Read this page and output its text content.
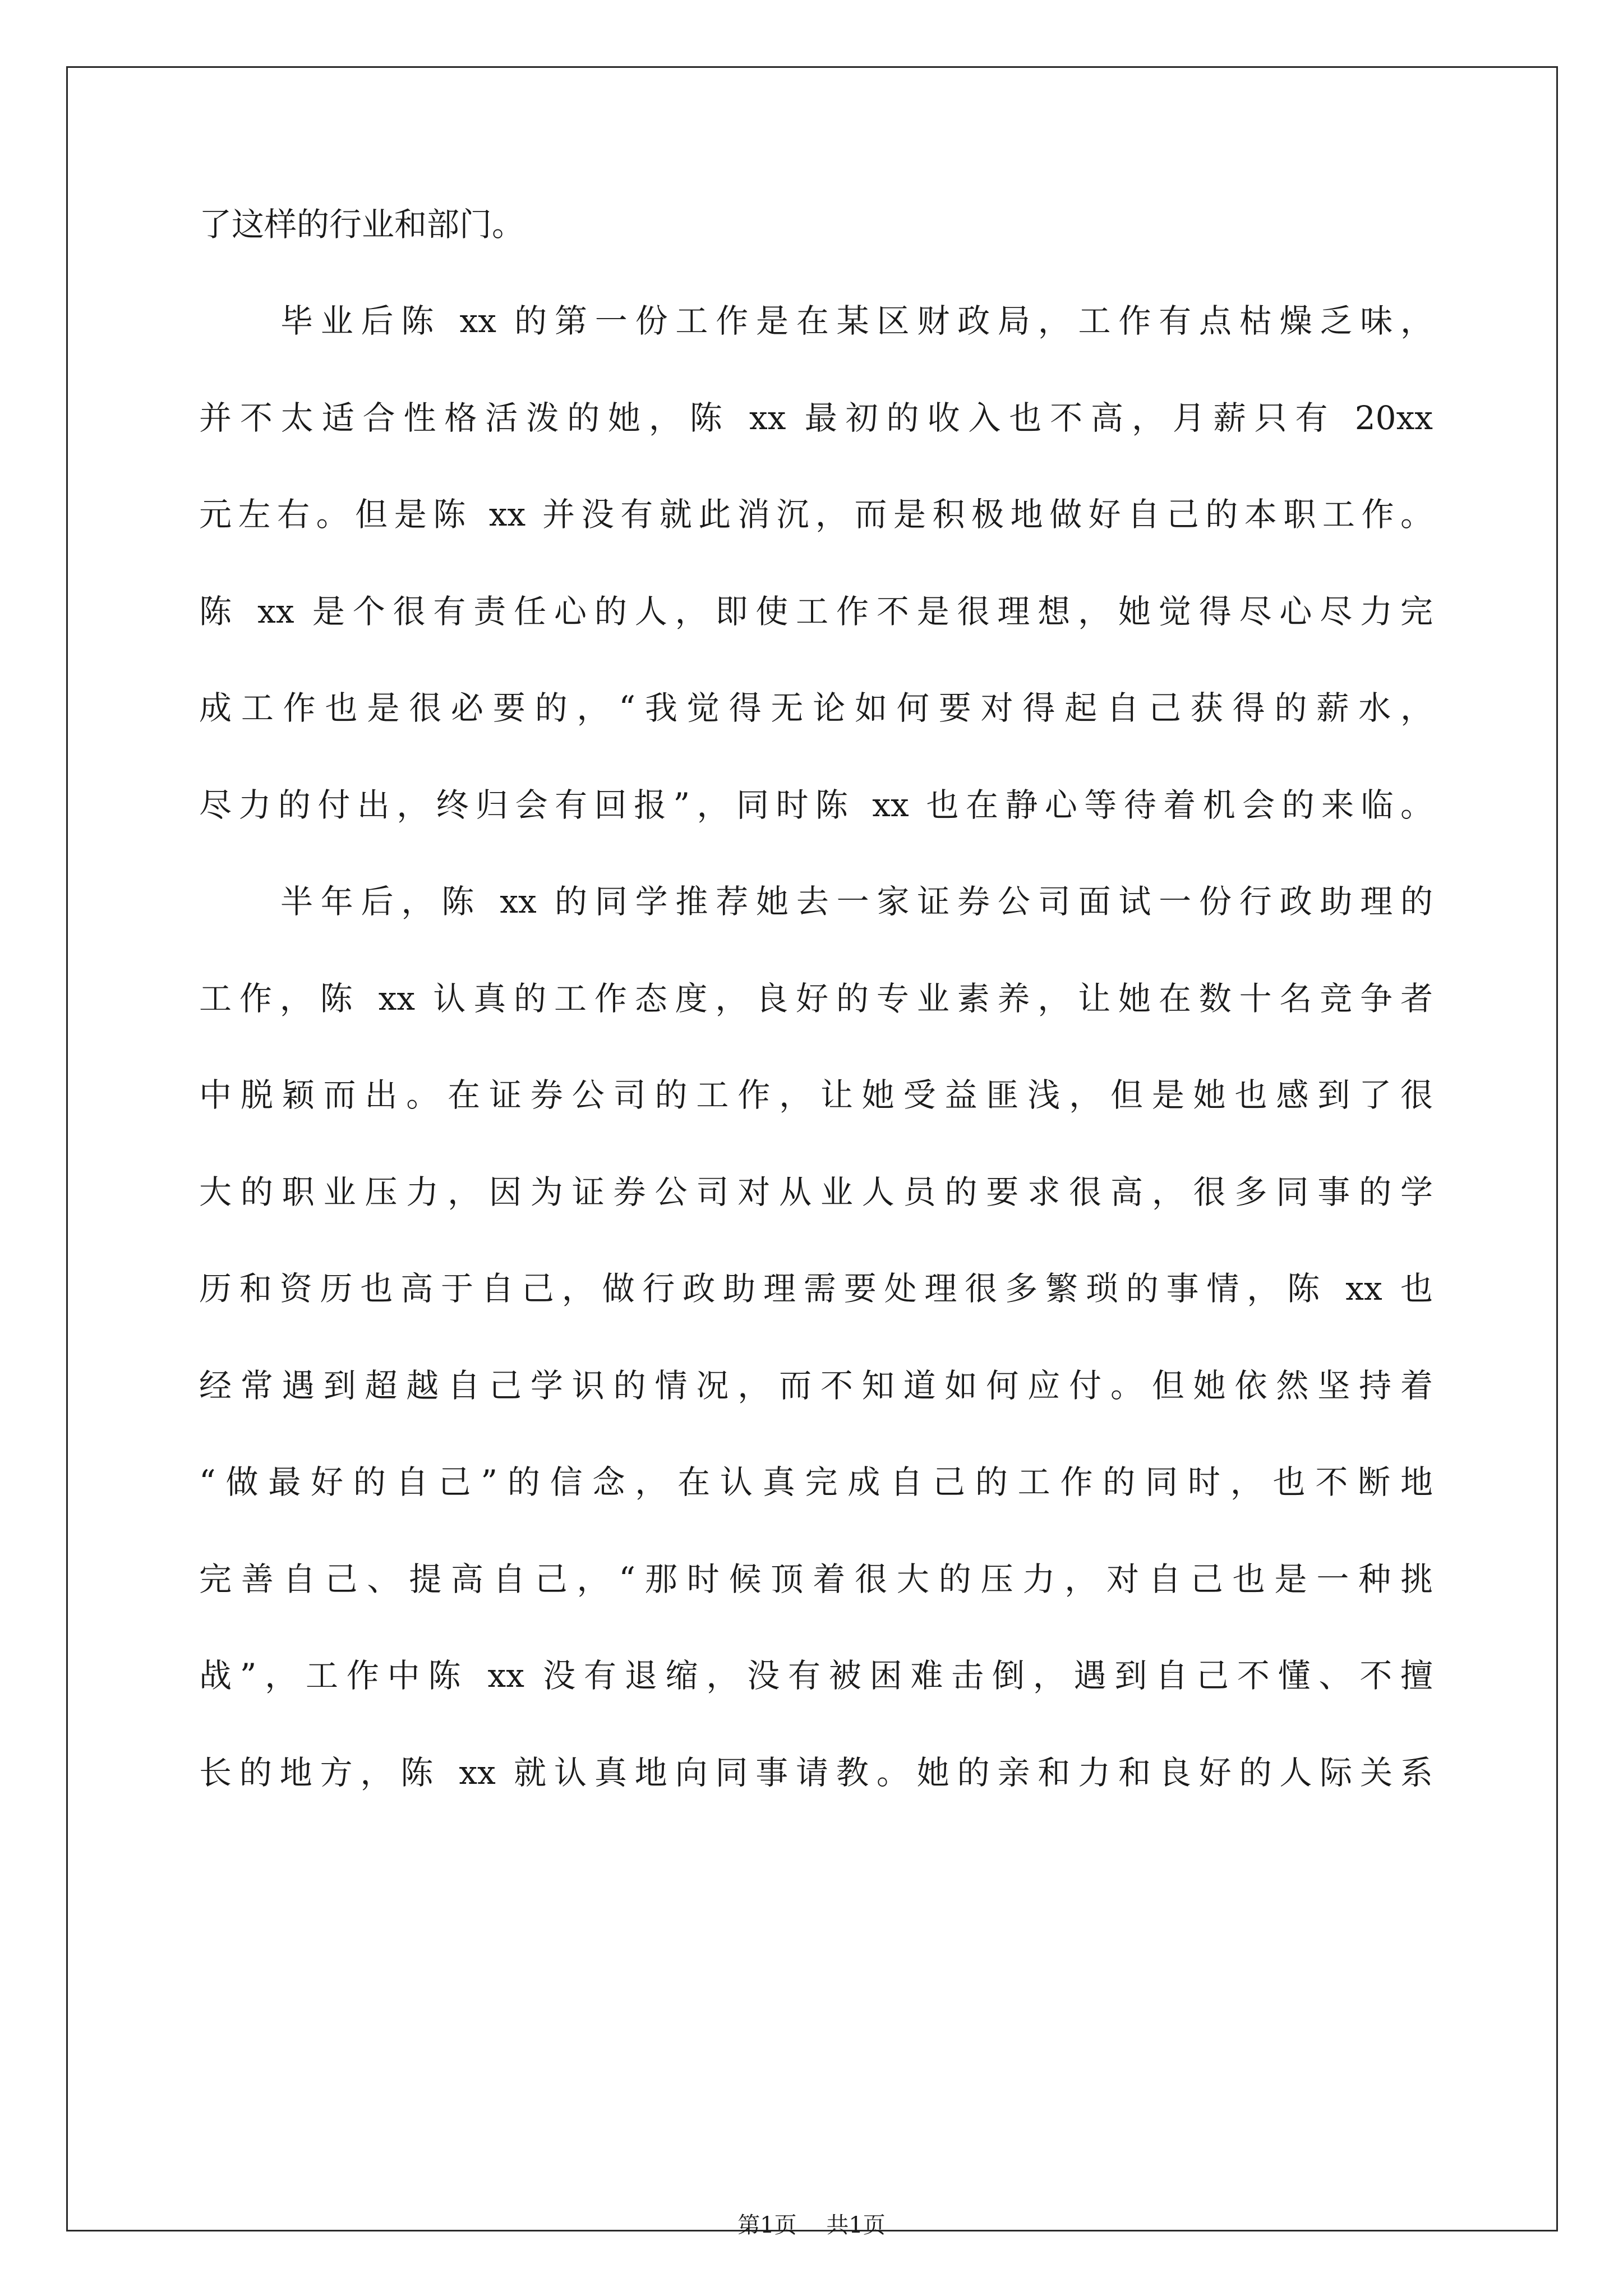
了这样的行业和部门。
毕业后陈 xx 的第一份工作是在某区财政局，工作有点枯燥乏味，
并不太适合性格活泼的她，陈 xx 最初的收入也不高，月薪只有 20xx
元左右。但是陈 xx 并没有就此消沉，而是积极地做好自己的本职工作。
陈 xx 是个很有责任心的人，即使工作不是很理想，她觉得尽心尽力完
成工作也是很必要的，“我觉得无论如何要对得起自己获得的薪水，
尽力的付出，终归会有回报”，同时陈 xx 也在静心等待着机会的来临。
半年后，陈 xx 的同学推荐她去一家证券公司面试一份行政助理的
工作，陈 xx 认真的工作态度，良好的专业素养，让她在数十名竞争者
中脱颖而出。在证券公司的工作，让她受益匪浅，但是她也感到了很
大的职业压力，因为证券公司对从业人员的要求很高，很多同事的学
历和资历也高于自己，做行政助理需要处理很多繁琐的事情，陈 xx 也
经常遇到超越自己学识的情况，而不知道如何应付。但她依然坚持着
“做最好的自己”的信念，在认真完成自己的工作的同时，也不断地
完善自己、提高自己，“那时候顶着很大的压力，对自己也是一种挑
战”，工作中陈 xx 没有退缩，没有被困难击倒，遇到自己不懂、不擅
长的地方，陈 xx 就认真地向同事请教。她的亲和力和良好的人际关系
第1页 共1页
